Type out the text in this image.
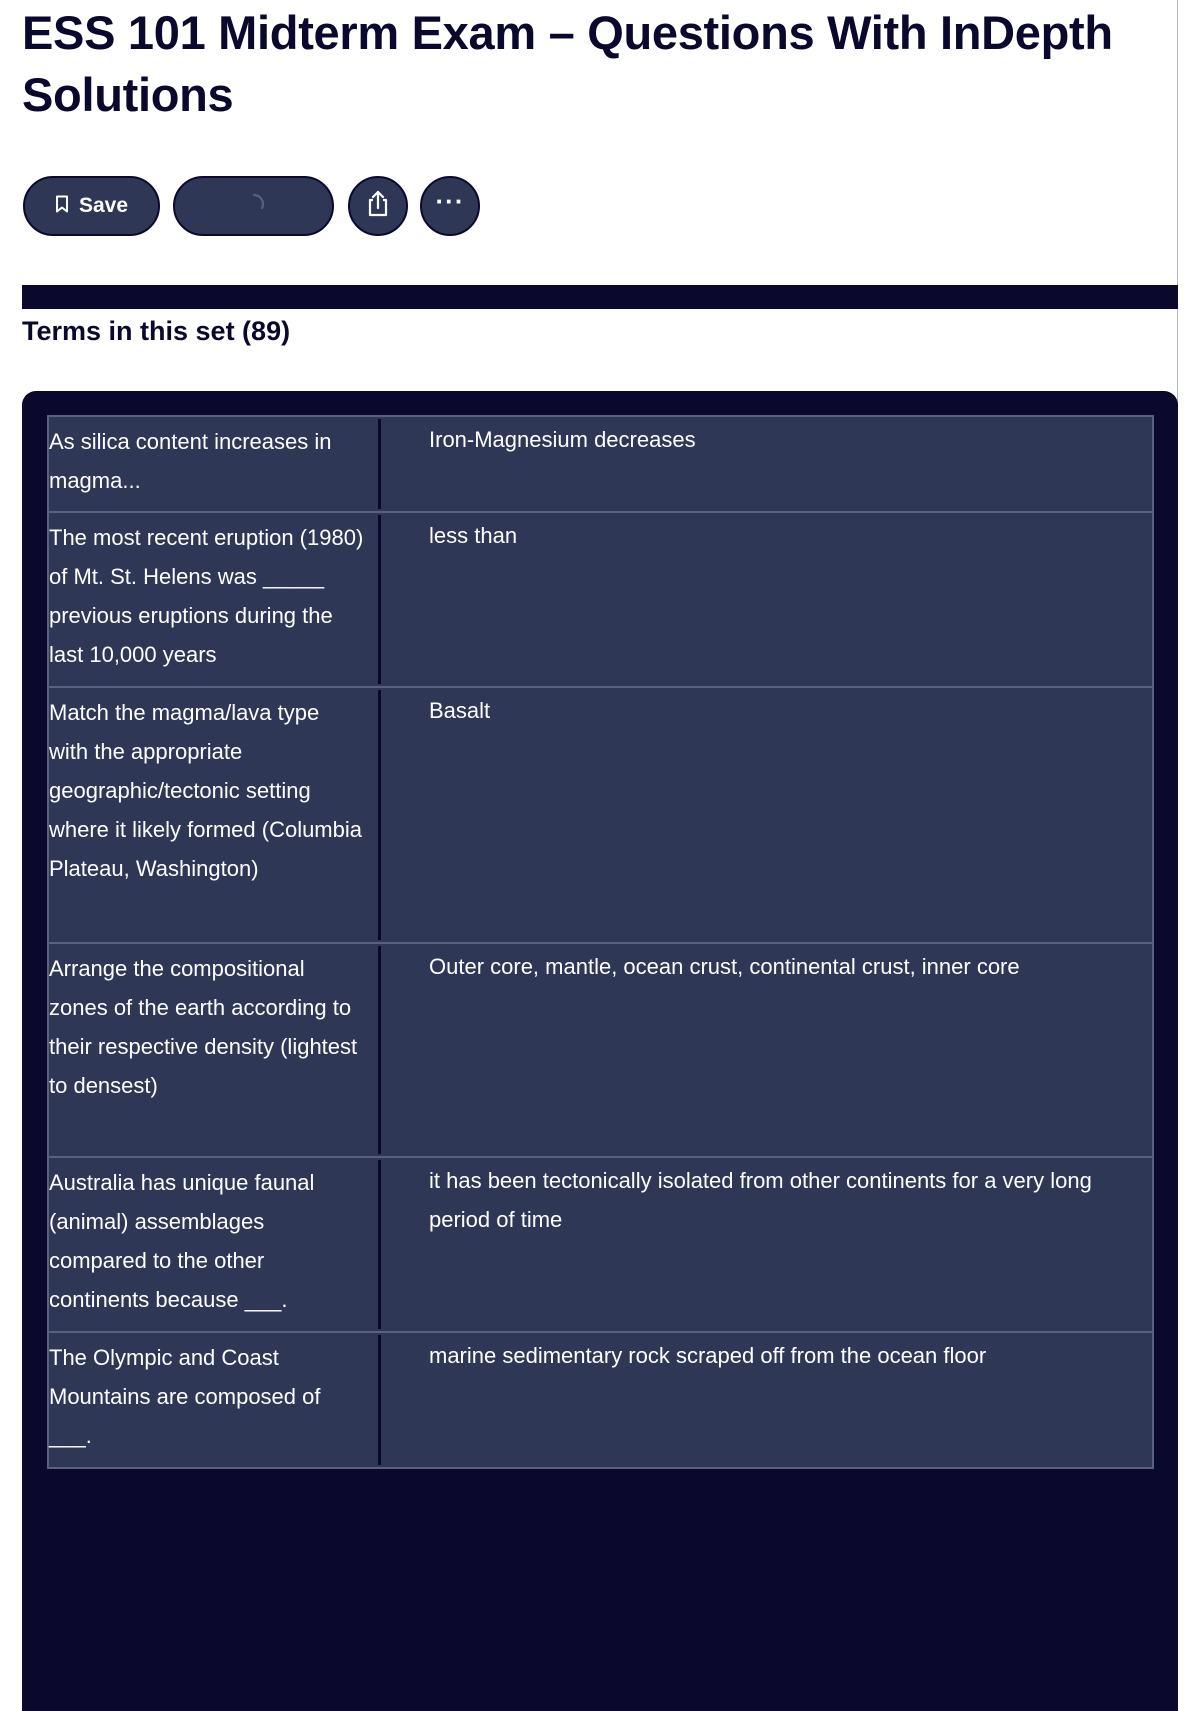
ESS 101 Midterm Exam – Questions With InDepth Solutions
Save	···
Terms in this set (89)
As silica content increases in magma...
Iron-Magnesium decreases
The most recent eruption (1980) of Mt. St. Helens was _____ previous eruptions during the last 10,000 years
less than
Match the magma/lava type with the appropriate geographic/tectonic setting where it likely formed (Columbia Plateau, Washington)
Basalt
Arrange the compositional zones of the earth according to their respective density (lightest to densest)
Outer core, mantle, ocean crust, continental crust, inner core
Australia has unique faunal (animal) assemblages compared to the other continents because ___.
it has been tectonically isolated from other continents for a very long period of time
The Olympic and Coast Mountains are composed of ___.
marine sedimentary rock scraped off from the ocean floor
